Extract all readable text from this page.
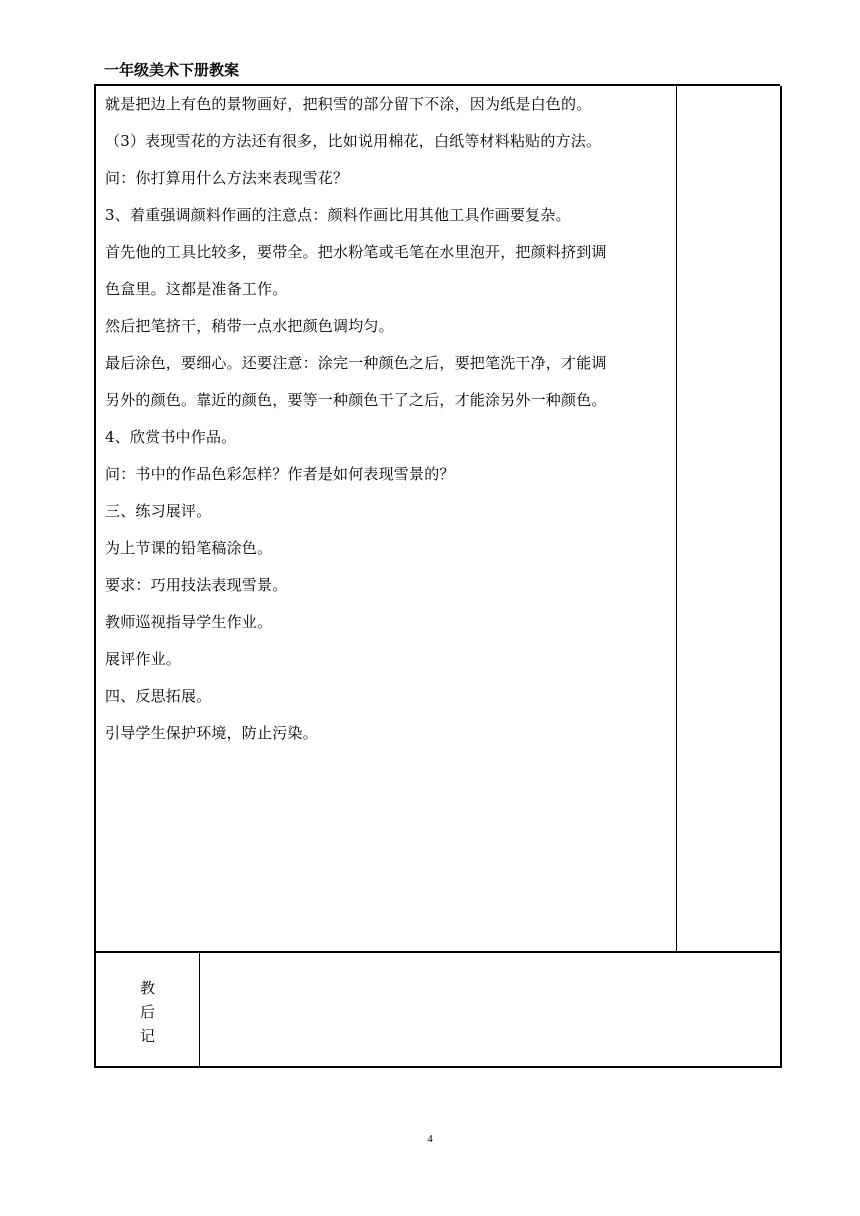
一年级美术下册教案
就是把边上有色的景物画好，把积雪的部分留下不涂，因为纸是白色的。
（3）表现雪花的方法还有很多，比如说用棉花，白纸等材料粘贴的方法。
问：你打算用什么方法来表现雪花？
3、着重强调颜料作画的注意点：颜料作画比用其他工具作画要复杂。
首先他的工具比较多，要带全。把水粉笔或毛笔在水里泡开，把颜料挤到调
色盒里。这都是准备工作。
然后把笔挤干，稍带一点水把颜色调均匀。
最后涂色，要细心。还要注意：涂完一种颜色之后，要把笔洗干净，才能调
另外的颜色。靠近的颜色，要等一种颜色干了之后，才能涂另外一种颜色。
4、欣赏书中作品。
问：书中的作品色彩怎样？作者是如何表现雪景的？
三、练习展评。
为上节课的铅笔稿涂色。
要求：巧用技法表现雪景。
教师巡视指导学生作业。
展评作业。
四、反思拓展。
引导学生保护环境，防止污染。
教
后
记
4
